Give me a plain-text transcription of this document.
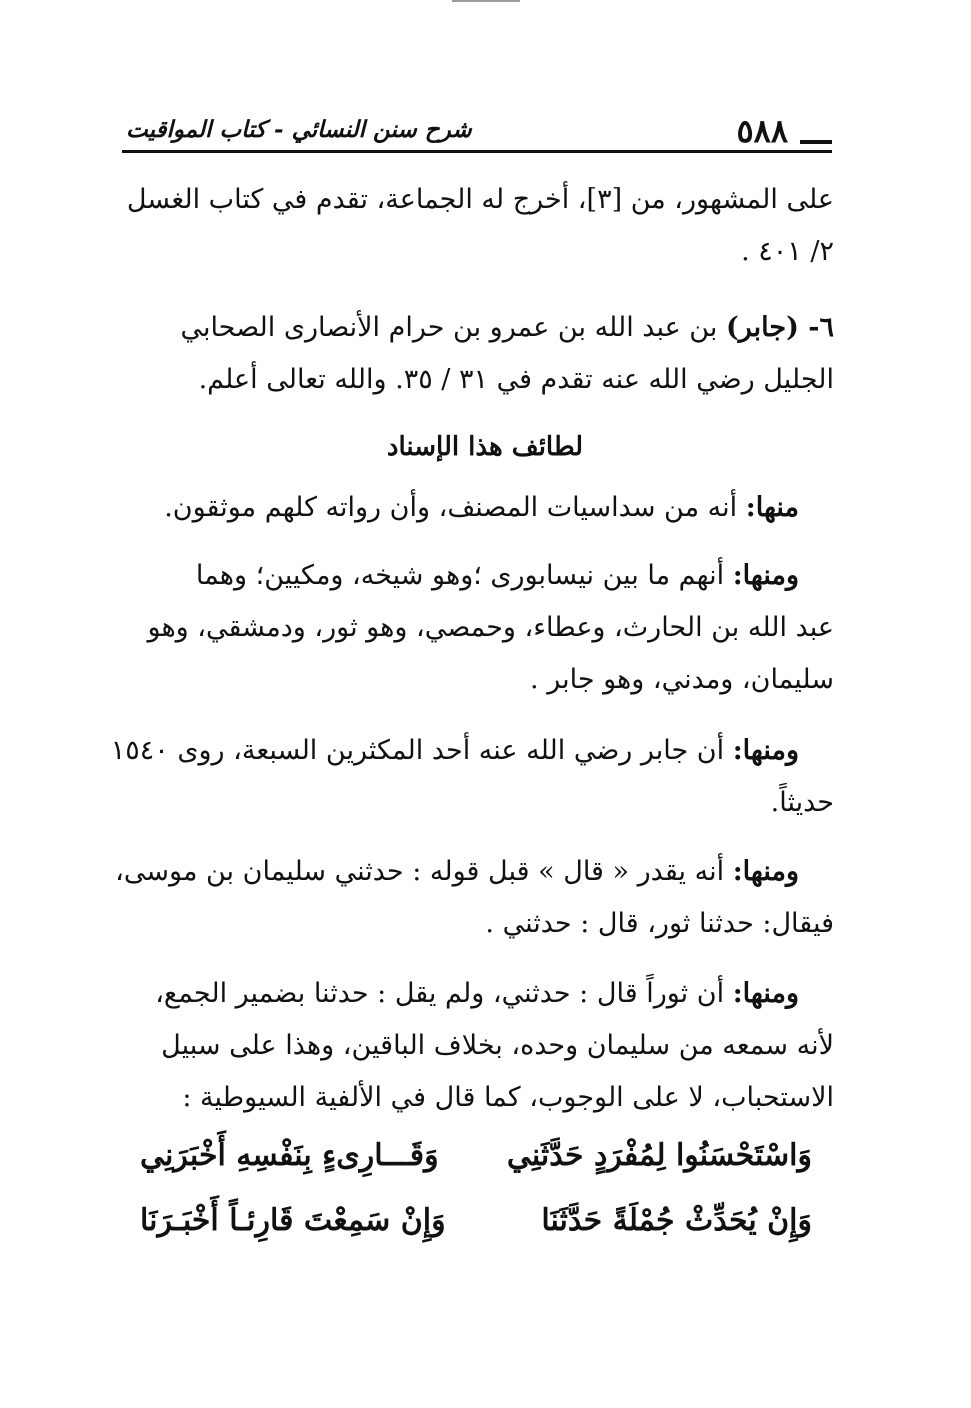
٥٨٨
شرح سنن النسائي - كتاب المواقيت

على المشهور، من [٣]، أخرج له الجماعة، تقدم في كتاب الغسل

٢/ ٤٠١ .

٦- (جابر) بن عبد الله بن عمرو بن حرام الأنصارى الصحابي

الجليل رضي الله عنه تقدم في ٣١ / ٣٥. والله تعالى أعلم.

لطائف هذا الإسناد

منها: أنه من سداسيات المصنف، وأن رواته كلهم موثقون.

ومنها: أنهم ما بين نيسابورى ؛وهو شيخه، ومكيين؛ وهما

عبد الله بن الحارث، وعطاء، وحمصي، وهو ثور، ودمشقي، وهو

سليمان، ومدني، وهو جابر .

ومنها: أن جابر رضي الله عنه أحد المكثرين السبعة، روى ١٥٤٠

حديثاً.

ومنها: أنه يقدر « قال » قبل قوله : حدثني سليمان بن موسى،

فيقال: حدثنا ثور، قال : حدثني .

ومنها: أن ثوراً قال : حدثني، ولم يقل : حدثنا بضمير الجمع،

لأنه سمعه من سليمان وحده، بخلاف الباقين، وهذا على سبيل

الاستحباب، لا على الوجوب، كما قال في الألفية السيوطية :

وَاسْتَحْسَنُوا لِمُفْرَدٍ حَدَّثَنِي
وَقَـــارِىءٍ بِنَفْسِهِ أَخْبَرَنِي
وَإِنْ يُحَدِّثْ جُمْلَةً حَدَّثَنَا
وَإِنْ سَمِعْتَ قَارِئـاً أَخْبَـرَنَا
